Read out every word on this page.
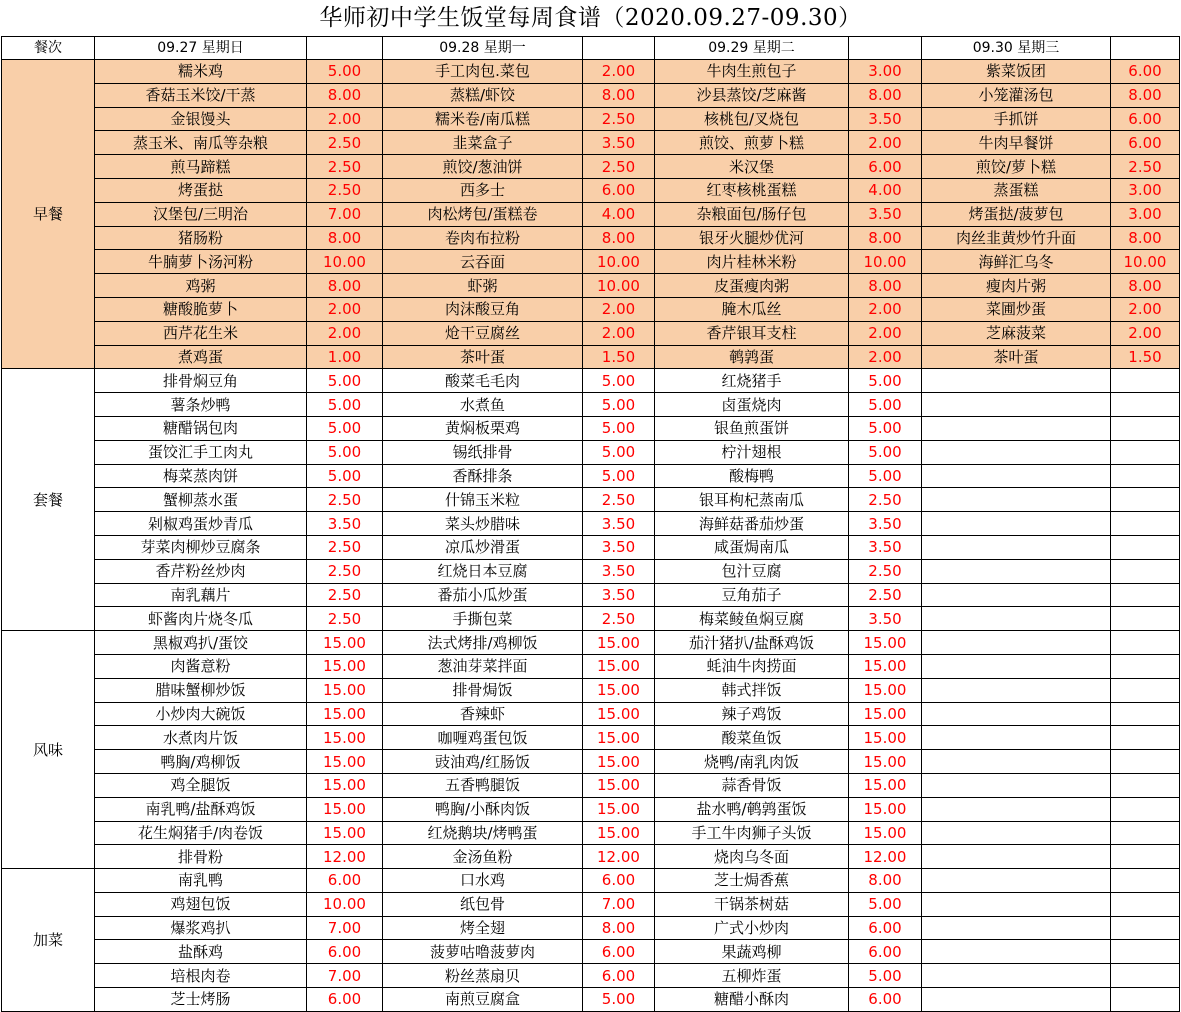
华师初中学生饭堂每周食谱（2020.09.27-09.30）
餐次	09.27 星期日		09.28 星期一		09.29 星期二		09.30 星期三	
早餐	糯米鸡	5.00	手工肉包.菜包	2.00	牛肉生煎包子	3.00	紫菜饭团	6.00
	香菇玉米饺/干蒸	8.00	蒸糕/虾饺	8.00	沙县蒸饺/芝麻酱	8.00	小笼灌汤包	8.00
	金银馒头	2.00	糯米卷/南瓜糕	2.50	核桃包/叉烧包	3.50	手抓饼	6.00
	蒸玉米、南瓜等杂粮	2.50	韭菜盒子	3.50	煎饺、煎萝卜糕	2.00	牛肉早餐饼	6.00
	煎马蹄糕	2.50	煎饺/葱油饼	2.50	米汉堡	6.00	煎饺/萝卜糕	2.50
	烤蛋挞	2.50	西多士	6.00	红枣核桃蛋糕	4.00	蒸蛋糕	3.00
	汉堡包/三明治	7.00	肉松烤包/蛋糕卷	4.00	杂粮面包/肠仔包	3.50	烤蛋挞/菠萝包	3.00
	猪肠粉	8.00	卷肉布拉粉	8.00	银牙火腿炒优河	8.00	肉丝韭黄炒竹升面	8.00
	牛腩萝卜汤河粉	10.00	云吞面	10.00	肉片桂林米粉	10.00	海鲜汇乌冬	10.00
	鸡粥	8.00	虾粥	10.00	皮蛋瘦肉粥	8.00	瘦肉片粥	8.00
	糖酸脆萝卜	2.00	肉沫酸豆角	2.00	腌木瓜丝	2.00	菜圃炒蛋	2.00
	西芹花生米	2.00	炝干豆腐丝	2.00	香芹银耳支柱	2.00	芝麻菠菜	2.00
	煮鸡蛋	1.00	茶叶蛋	1.50	鹌鹑蛋	2.00	茶叶蛋	1.50
套餐	排骨焖豆角	5.00	酸菜毛毛肉	5.00	红烧猪手	5.00		
	薯条炒鸭	5.00	水煮鱼	5.00	卤蛋烧肉	5.00		
	糖醋锅包肉	5.00	黄焖板栗鸡	5.00	银鱼煎蛋饼	5.00		
	蛋饺汇手工肉丸	5.00	锡纸排骨	5.00	柠汁翅根	5.00		
	梅菜蒸肉饼	5.00	香酥排条	5.00	酸梅鸭	5.00		
	蟹柳蒸水蛋	2.50	什锦玉米粒	2.50	银耳枸杞蒸南瓜	2.50		
	剁椒鸡蛋炒青瓜	3.50	菜头炒腊味	3.50	海鲜菇番茄炒蛋	3.50		
	芽菜肉柳炒豆腐条	2.50	凉瓜炒滑蛋	3.50	咸蛋焗南瓜	3.50		
	香芹粉丝炒肉	2.50	红烧日本豆腐	3.50	包汁豆腐	2.50		
	南乳藕片	2.50	番茄小瓜炒蛋	3.50	豆角茄子	2.50		
	虾酱肉片烧冬瓜	2.50	手撕包菜	2.50	梅菜鲮鱼焖豆腐	3.50		
风味	黑椒鸡扒/蛋饺	15.00	法式烤排/鸡柳饭	15.00	茄汁猪扒/盐酥鸡饭	15.00		
	肉酱意粉	15.00	葱油芽菜拌面	15.00	蚝油牛肉捞面	15.00		
	腊味蟹柳炒饭	15.00	排骨焗饭	15.00	韩式拌饭	15.00		
	小炒肉大碗饭	15.00	香辣虾	15.00	辣子鸡饭	15.00		
	水煮肉片饭	15.00	咖喱鸡蛋包饭	15.00	酸菜鱼饭	15.00		
	鸭胸/鸡柳饭	15.00	豉油鸡/红肠饭	15.00	烧鸭/南乳肉饭	15.00		
	鸡全腿饭	15.00	五香鸭腿饭	15.00	蒜香骨饭	15.00		
	南乳鸭/盐酥鸡饭	15.00	鸭胸/小酥肉饭	15.00	盐水鸭/鹌鹑蛋饭	15.00		
	花生焖猪手/肉卷饭	15.00	红烧鹅块/烤鸭蛋	15.00	手工牛肉狮子头饭	15.00		
	排骨粉	12.00	金汤鱼粉	12.00	烧肉乌冬面	12.00		
加菜	南乳鸭	6.00	口水鸡	6.00	芝士焗香蕉	8.00		
	鸡翅包饭	10.00	纸包骨	7.00	干锅茶树菇	5.00		
	爆浆鸡扒	7.00	烤全翅	8.00	广式小炒肉	6.00		
	盐酥鸡	6.00	菠萝咕噜菠萝肉	6.00	果蔬鸡柳	6.00		
	培根肉卷	7.00	粉丝蒸扇贝	6.00	五柳炸蛋	5.00		
	芝士烤肠	6.00	南煎豆腐盒	5.00	糖醋小酥肉	6.00		
